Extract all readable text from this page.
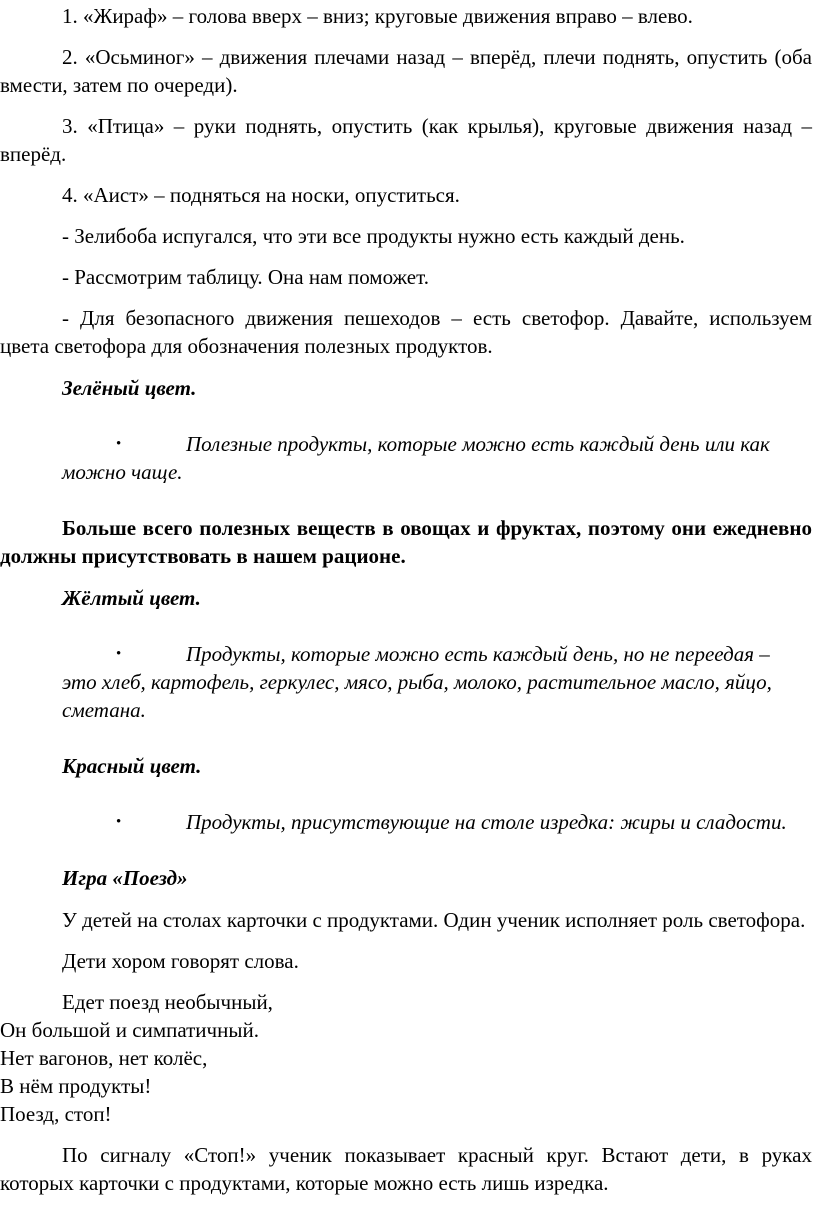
1. «Жираф» – голова вверх – вниз; круговые движения вправо – влево.

2. «Осьминог» – движения плечами назад – вперёд, плечи поднять, опустить (оба вмести, затем по очереди).

3. «Птица» – руки поднять, опустить (как крылья), круговые движения назад – вперёд.

4. «Аист» – подняться на носки, опуститься.

- Зелибоба испугался, что эти все продукты нужно есть каждый день.

- Рассмотрим таблицу. Она нам поможет.

- Для безопасного движения пешеходов – есть светофор. Давайте, используем цвета светофора для обозначения полезных продуктов.

Зелёный цвет.

•	Полезные продукты, которые можно есть каждый день или как можно чаще.

Больше всего полезных веществ в овощах и фруктах, поэтому они ежедневно должны присутствовать в нашем рационе.

Жёлтый цвет.

•	Продукты, которые можно есть каждый день, но не переедая – это хлеб, картофель, геркулес, мясо, рыба, молоко, растительное масло, яйцо, сметана.

Красный цвет.

•	Продукты, присутствующие на столе изредка: жиры и сладости.

Игра «Поезд»

У детей на столах карточки с продуктами. Один ученик исполняет роль светофора.

Дети хором говорят слова.

Едет поезд необычный,
Он большой и симпатичный.
Нет вагонов, нет колёс,
В нём продукты!
Поезд, стоп!

По сигналу «Стоп!» ученик показывает красный круг. Встают дети, в руках которых карточки с продуктами, которые можно есть лишь изредка.
